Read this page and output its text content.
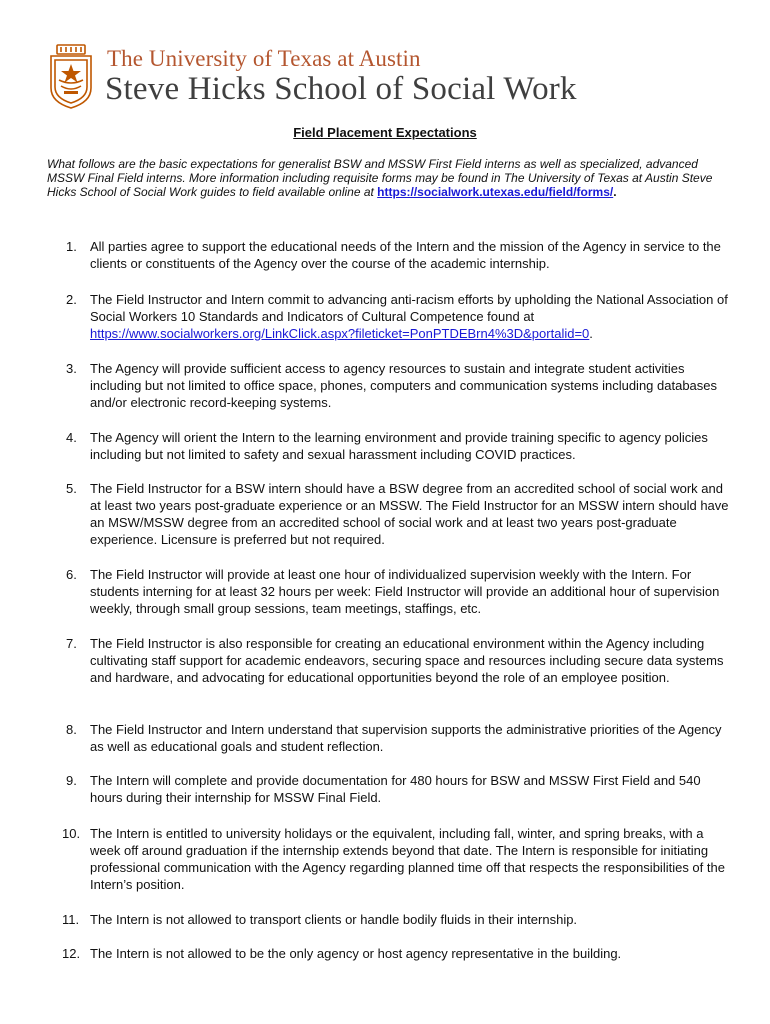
The University of Texas at Austin
Steve Hicks School of Social Work
Field Placement Expectations
What follows are the basic expectations for generalist BSW and MSSW First Field interns as well as specialized, advanced MSSW Final Field interns. More information including requisite forms may be found in The University of Texas at Austin Steve Hicks School of Social Work guides to field available online at https://socialwork.utexas.edu/field/forms/.
1. All parties agree to support the educational needs of the Intern and the mission of the Agency in service to the clients or constituents of the Agency over the course of the academic internship.
2. The Field Instructor and Intern commit to advancing anti-racism efforts by upholding the National Association of Social Workers 10 Standards and Indicators of Cultural Competence found at https://www.socialworkers.org/LinkClick.aspx?fileticket=PonPTDEBrn4%3D&portalid=0.
3. The Agency will provide sufficient access to agency resources to sustain and integrate student activities including but not limited to office space, phones, computers and communication systems including databases and/or electronic record-keeping systems.
4. The Agency will orient the Intern to the learning environment and provide training specific to agency policies including but not limited to safety and sexual harassment including COVID practices.
5. The Field Instructor for a BSW intern should have a BSW degree from an accredited school of social work and at least two years post-graduate experience or an MSSW. The Field Instructor for an MSSW intern should have an MSW/MSSW degree from an accredited school of social work and at least two years post-graduate experience. Licensure is preferred but not required.
6. The Field Instructor will provide at least one hour of individualized supervision weekly with the Intern. For students interning for at least 32 hours per week: Field Instructor will provide an additional hour of supervision weekly, through small group sessions, team meetings, staffings, etc.
7. The Field Instructor is also responsible for creating an educational environment within the Agency including cultivating staff support for academic endeavors, securing space and resources including secure data systems and hardware, and advocating for educational opportunities beyond the role of an employee position.
8. The Field Instructor and Intern understand that supervision supports the administrative priorities of the Agency as well as educational goals and student reflection.
9. The Intern will complete and provide documentation for 480 hours for BSW and MSSW First Field and 540 hours during their internship for MSSW Final Field.
10. The Intern is entitled to university holidays or the equivalent, including fall, winter, and spring breaks, with a week off around graduation if the internship extends beyond that date. The Intern is responsible for initiating professional communication with the Agency regarding planned time off that respects the responsibilities of the Intern’s position.
11. The Intern is not allowed to transport clients or handle bodily fluids in their internship.
12. The Intern is not allowed to be the only agency or host agency representative in the building.
